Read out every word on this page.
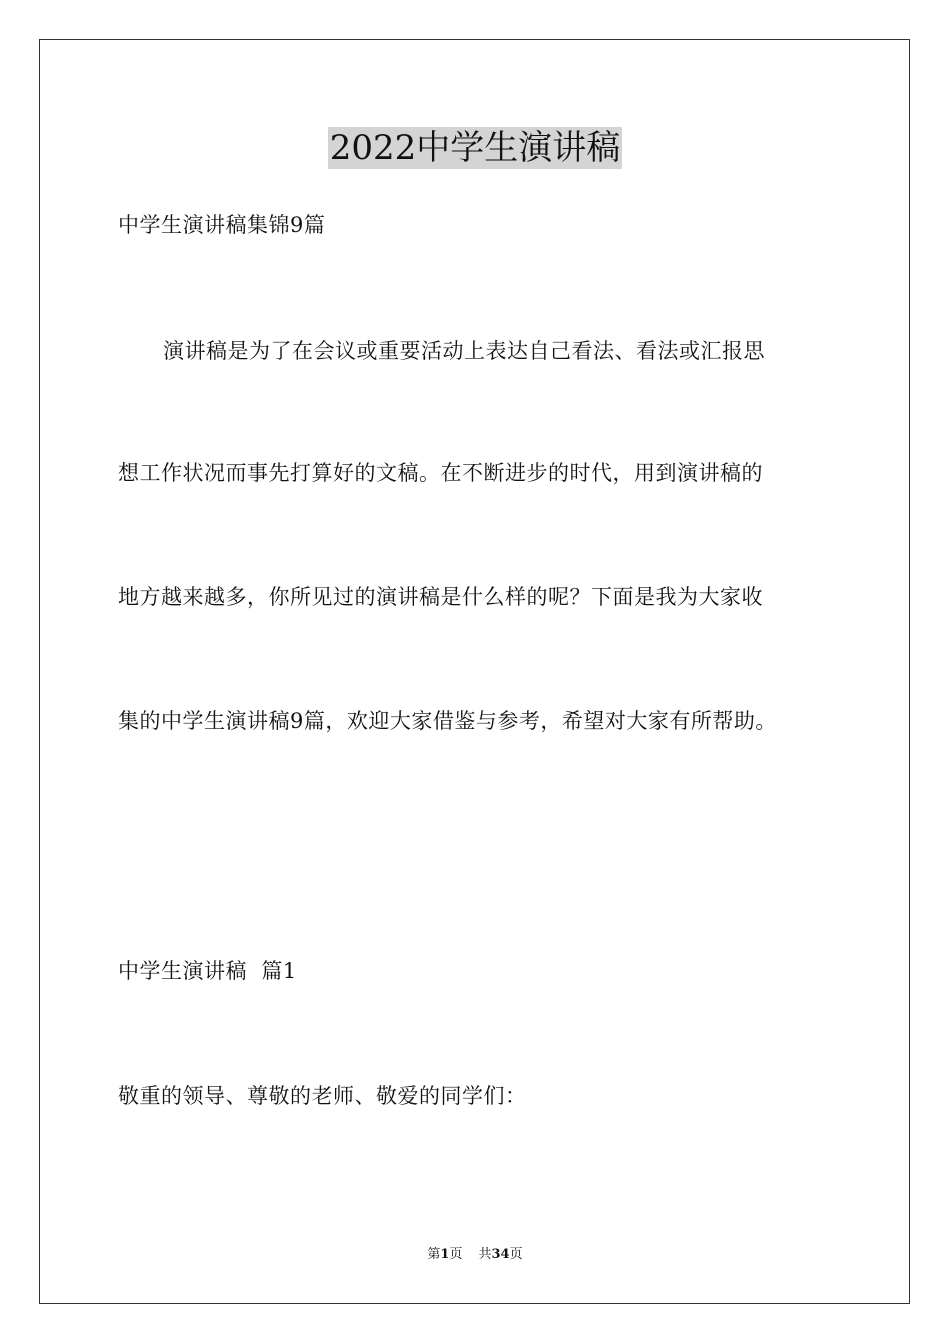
2022中学生演讲稿
中学生演讲稿集锦9篇
演讲稿是为了在会议或重要活动上表达自己看法、看法或汇报思
想工作状况而事先打算好的文稿。在不断进步的时代，用到演讲稿的
地方越来越多，你所见过的演讲稿是什么样的呢？下面是我为大家收
集的中学生演讲稿9篇，欢迎大家借鉴与参考，希望对大家有所帮助。
中学生演讲稿  篇1
敬重的领导、尊敬的老师、敬爱的同学们：
第1页 共34页
